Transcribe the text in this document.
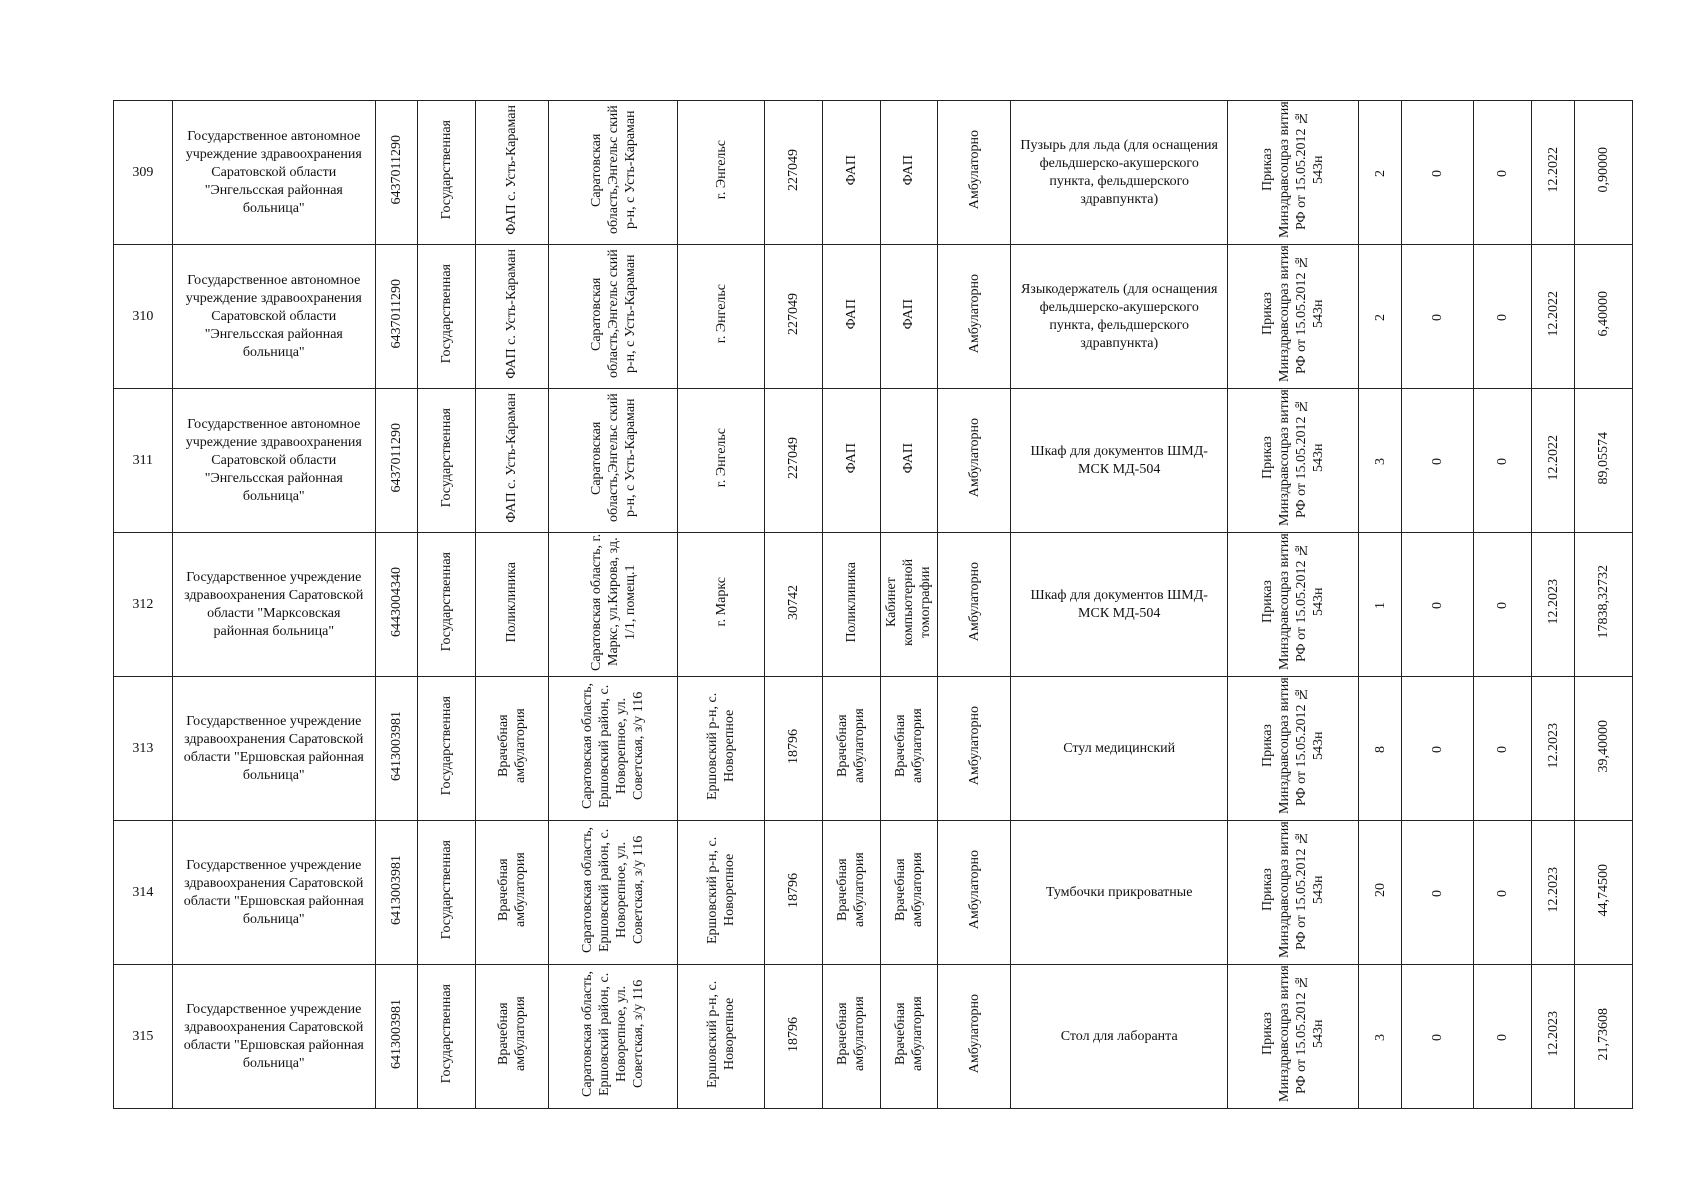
309	Государственное автономное учреждение здравоохранения Саратовской области "Энгельсская районная больница"	6437011290	Государственная	ФАП с. Усть-Караман	Саратовская область,Энгельс ский р-н, с Усть-Караман	г. Энгельс	227049	ФАП	ФАП	Амбулаторно	Пузырь для льда (для оснащения фельдшерско-акушерского пункта, фельдшерского здравпункта)	Приказ Минздравсоцраз вития РФ от 15.05.2012 № 543н	2	0	0	12.2022	0,90000

310	Государственное автономное учреждение здравоохранения Саратовской области "Энгельсская районная больница"	6437011290	Государственная	ФАП с. Усть-Караман	Саратовская область,Энгельс ский р-н, с Усть-Караман	г. Энгельс	227049	ФАП	ФАП	Амбулаторно	Языкодержатель (для оснащения фельдшерско-акушерского пункта, фельдшерского здравпункта)	Приказ Минздравсоцраз вития РФ от 15.05.2012 № 543н	2	0	0	12.2022	6,40000

311	Государственное автономное учреждение здравоохранения Саратовской области "Энгельсская районная больница"	6437011290	Государственная	ФАП с. Усть-Караман	Саратовская область,Энгельс ский р-н, с Усть-Караман	г. Энгельс	227049	ФАП	ФАП	Амбулаторно	Шкаф для документов ШМД-МСК МД-504	Приказ Минздравсоцраз вития РФ от 15.05.2012 № 543н	3	0	0	12.2022	89,05574

312	Государственное учреждение здравоохранения Саратовской области "Марксовская районная больница"	6443004340	Государственная	Поликлиника	Саратовская область, г. Маркс, ул.Кирова, зд. 1/1, помещ.1	г. Маркс	30742	Поликлиника	Кабинет компьютерной томографии	Амбулаторно	Шкаф для документов ШМД-МСК МД-504	Приказ Минздравсоцраз вития РФ от 15.05.2012 № 543н	1	0	0	12.2023	17838,32732

313	Государственное учреждение здравоохранения Саратовской области "Ершовская районная больница"	6413003981	Государственная	Врачебная амбулатория	Саратовская область, Ершовский район, с. Новорепное, ул. Советская, з/у 116	Ершовский р-н, с. Новорепное	18796	Врачебная амбулатория	Врачебная амбулатория	Амбулаторно	Стул медицинский	Приказ Минздравсоцраз вития РФ от 15.05.2012 № 543н	8	0	0	12.2023	39,40000

314	Государственное учреждение здравоохранения Саратовской области "Ершовская районная больница"	6413003981	Государственная	Врачебная амбулатория	Саратовская область, Ершовский район, с. Новорепное, ул. Советская, з/у 116	Ершовский р-н, с. Новорепное	18796	Врачебная амбулатория	Врачебная амбулатория	Амбулаторно	Тумбочки прикроватные	Приказ Минздравсоцраз вития РФ от 15.05.2012 № 543н	20	0	0	12.2023	44,74500

315	Государственное учреждение здравоохранения Саратовской области "Ершовская районная больница"	6413003981	Государственная	Врачебная амбулатория	Саратовская область, Ершовский район, с. Новорепное, ул. Советская, з/у 116	Ершовский р-н, с. Новорепное	18796	Врачебная амбулатория	Врачебная амбулатория	Амбулаторно	Стол для лаборанта	Приказ Минздравсоцраз вития РФ от 15.05.2012 № 543н	3	0	0	12.2023	21,73608
